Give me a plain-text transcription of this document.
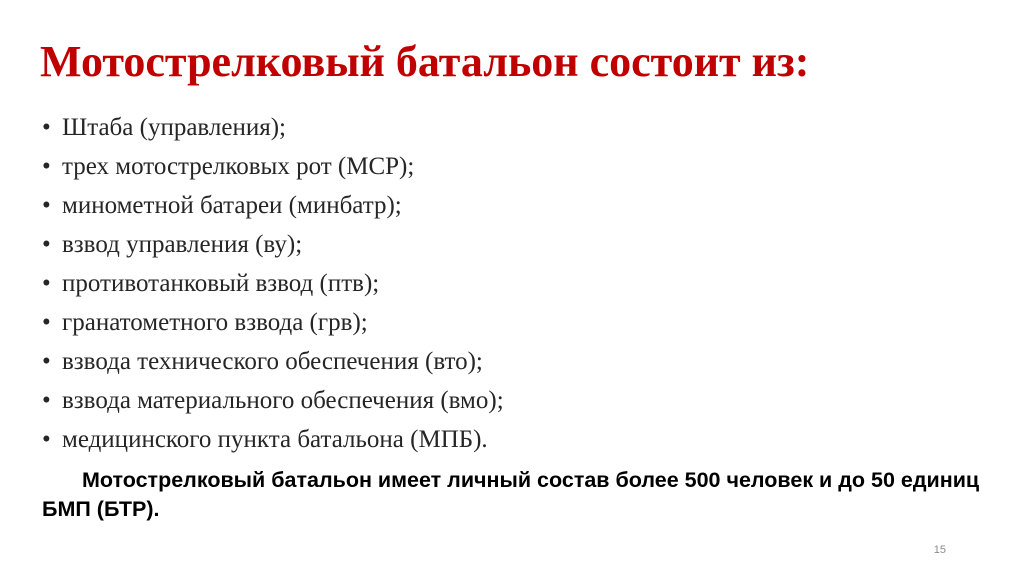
Мотострелковый батальон состоит из:
• Штаба (управления);
• трех мотострелковых рот (МСР);
• минометной батареи (минбатр);
• взвод управления (ву);
• противотанковый взвод (птв);
• гранатометного взвода (грв);
• взвода технического обеспечения (вто);
• взвода материального обеспечения (вмо);
• медицинского пункта батальона (МПБ).

Мотострелковый батальон имеет личный состав более 500 человек и до 50 единиц БМП (БТР).

15
